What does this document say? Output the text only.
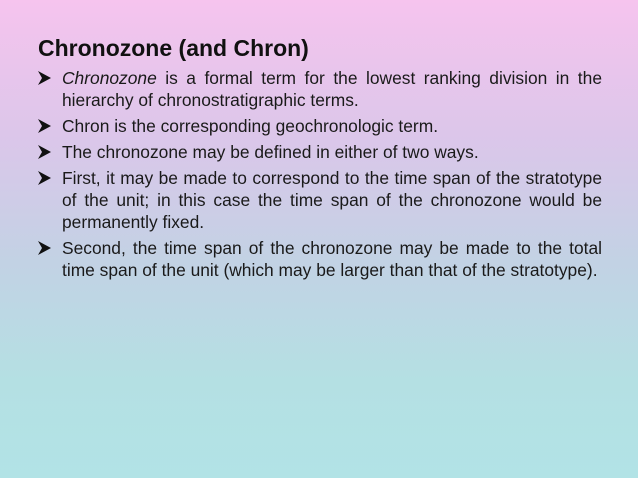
Chronozone (and Chron)
Chronozone is a formal term for the lowest ranking division in the hierarchy of chronostratigraphic terms.
Chron is the corresponding geochronologic term.
The chronozone may be defined in either of two ways.
First, it may be made to correspond to the time span of the stratotype of the unit; in this case the time span of the chronozone would be permanently fixed.
Second, the time span of the chronozone may be made to the total time span of the unit (which may be larger than that of the stratotype).
